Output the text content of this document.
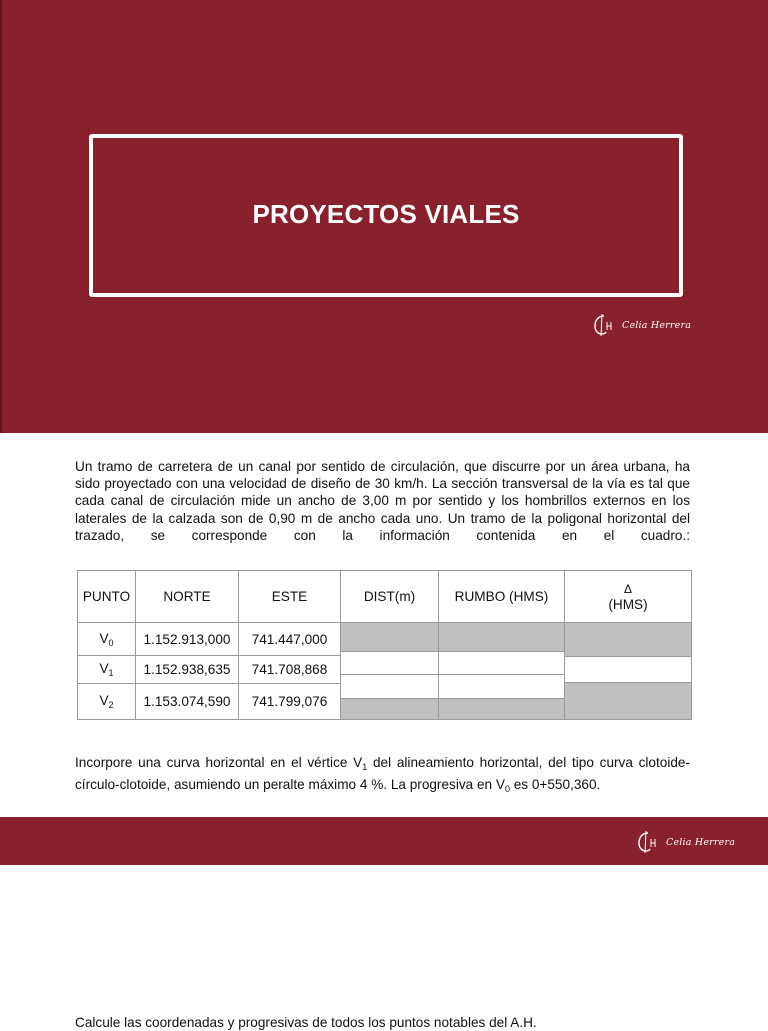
PROYECTOS VIALES
Celia Herrera

Un tramo de carretera de un canal por sentido de circulación, que discurre por un área urbana, ha sido proyectado con una velocidad de diseño de 30 km/h. La sección transversal de la vía es tal que cada canal de circulación mide un ancho de 3,00 m por sentido y los hombrillos externos en los laterales de la calzada son de 0,90 m de ancho cada uno. Un tramo de la poligonal horizontal del trazado, se corresponde con la información contenida en el cuadro.:

PUNTO	NORTE	ESTE	DIST(m)	RUMBO (HMS)	Δ
(HMS)

$V_0$	1.152.913,000	741.447,000	

$V_1$	1.152.938,635	741.708,868			
$V_2$	1.153.074,590	741.799,076			

Incorpore una curva horizontal en el vértice $V_1$ del alineamiento horizontal, del tipo curva clotoide-círculo-clotoide, asumiendo un peralte máximo 4 %. La progresiva en $V_0$ es 0+550,360.

Celia Herrera

Calcule las coordenadas y progresivas de todos los puntos notables del A.H.
